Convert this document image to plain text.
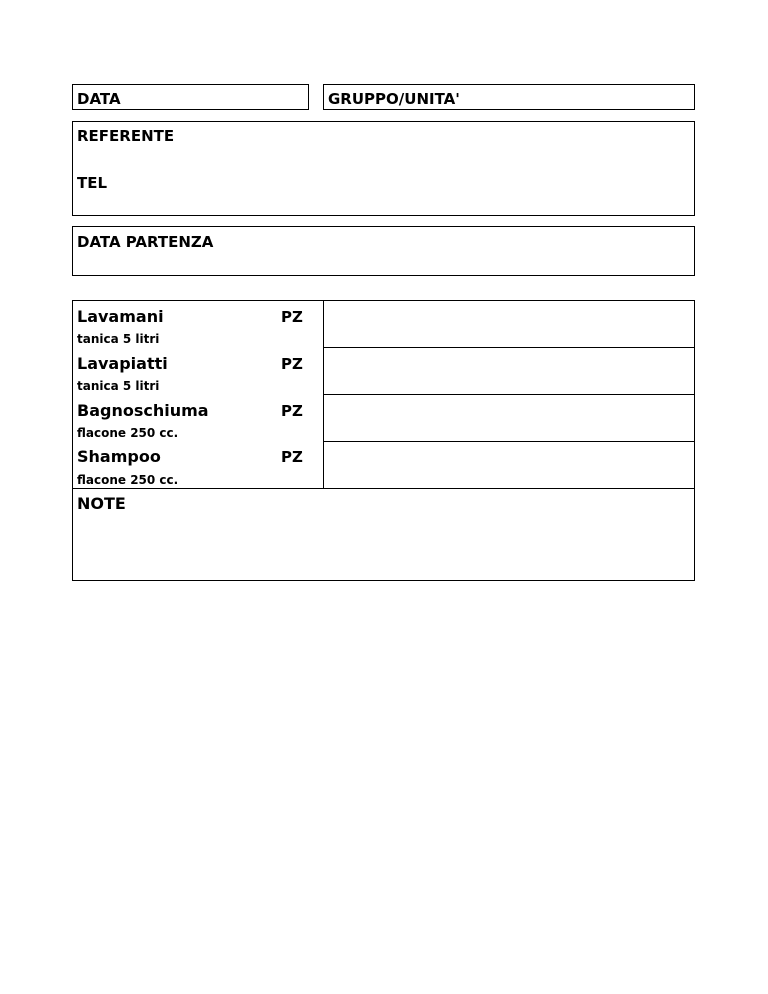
DATA	GRUPPO/UNITA'
REFERENTE
TEL
DATA PARTENZA
Lavamani	PZ
tanica 5 litri
Lavapiatti	PZ
tanica 5 litri
Bagnoschiuma	PZ
flacone 250 cc.
Shampoo	PZ
flacone 250 cc.
NOTE
